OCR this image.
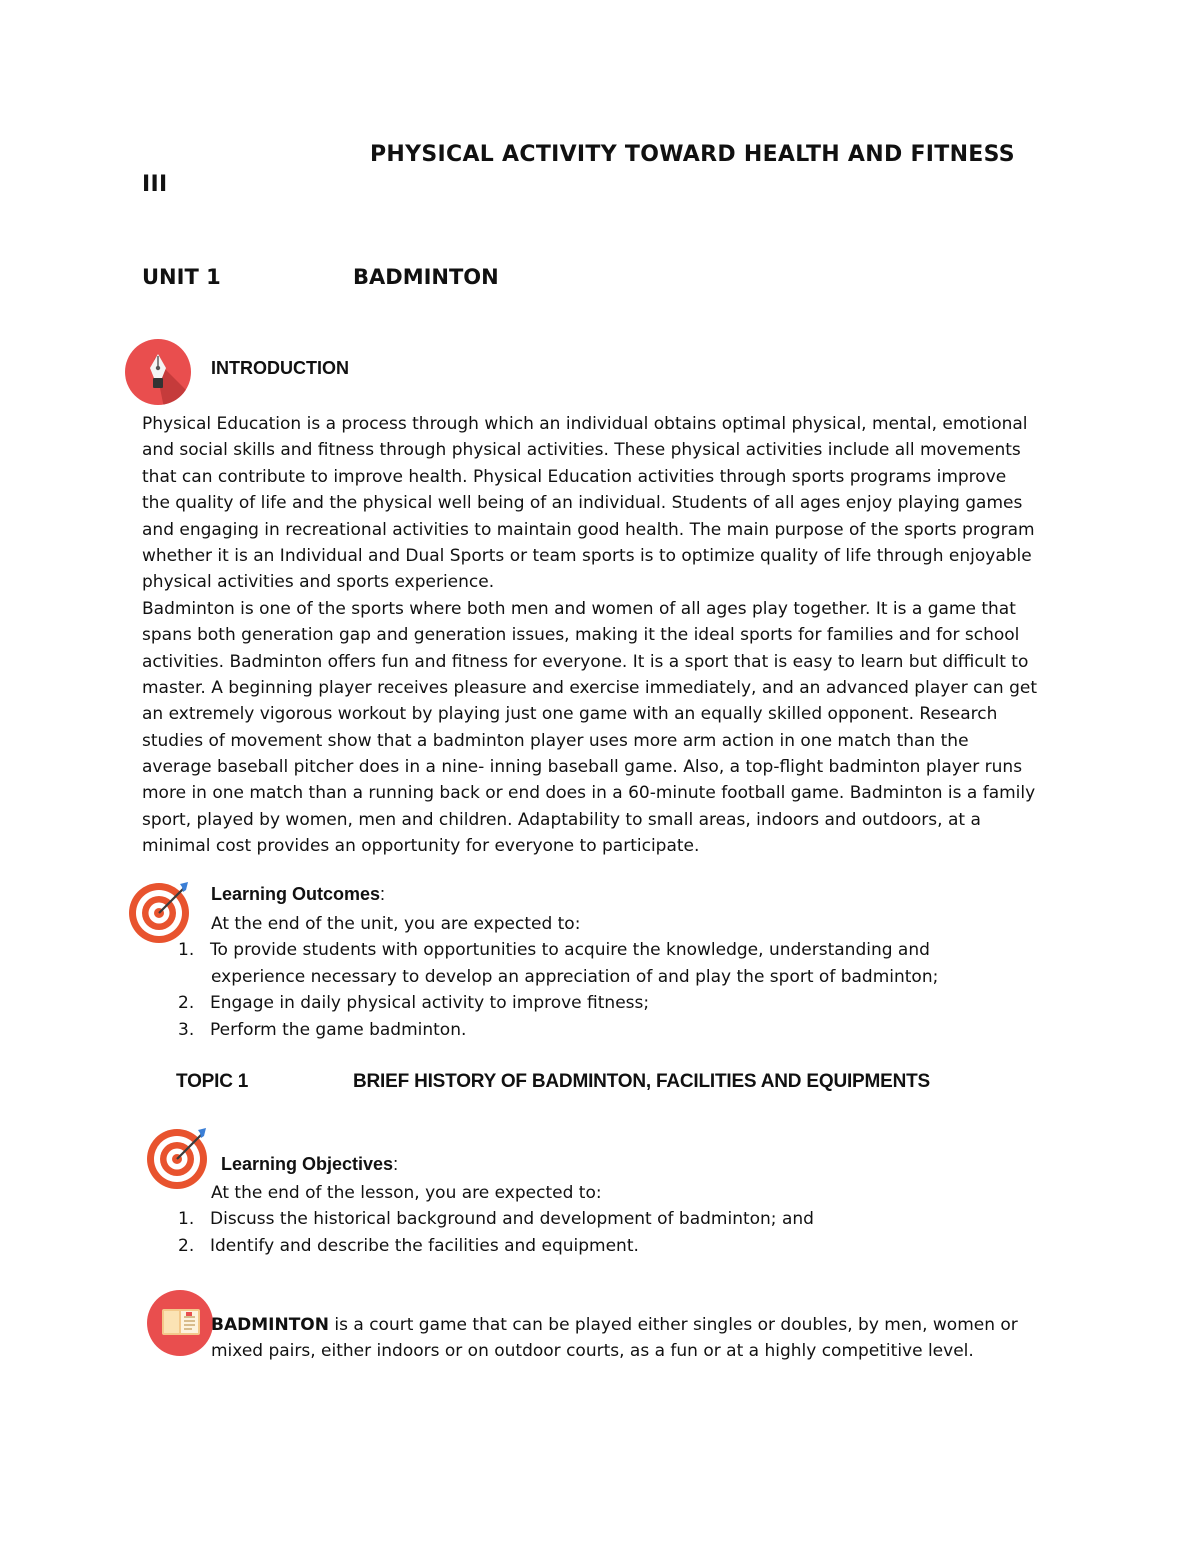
PHYSICAL ACTIVITY TOWARD HEALTH AND FITNESS
III
UNIT 1	BADMINTON
INTRODUCTION
Physical Education is a process through which an individual obtains optimal physical, mental, emotional
and social skills and fitness through physical activities. These physical activities include all movements
that can contribute to improve health. Physical Education activities through sports programs improve
the quality of life and the physical well being of an individual. Students of all ages enjoy playing games
and engaging in recreational activities to maintain good health. The main purpose of the sports program
whether it is an Individual and Dual Sports or team sports is to optimize quality of life through enjoyable
physical activities and sports experience.
Badminton is one of the sports where both men and women of all ages play together. It is a game that
spans both generation gap and generation issues, making it the ideal sports for families and for school
activities. Badminton offers fun and fitness for everyone. It is a sport that is easy to learn but difficult to
master. A beginning player receives pleasure and exercise immediately, and an advanced player can get
an extremely vigorous workout by playing just one game with an equally skilled opponent. Research
studies of movement show that a badminton player uses more arm action in one match than the
average baseball pitcher does in a nine- inning baseball game. Also, a top-flight badminton player runs
more in one match than a running back or end does in a 60-minute football game. Badminton is a family
sport, played by women, men and children. Adaptability to small areas, indoors and outdoors, at a
minimal cost provides an opportunity for everyone to participate.
Learning Outcomes:
At the end of the unit, you are expected to:
1. To provide students with opportunities to acquire the knowledge, understanding and
experience necessary to develop an appreciation of and play the sport of badminton;
2. Engage in daily physical activity to improve fitness;
3. Perform the game badminton.
TOPIC 1	BRIEF HISTORY OF BADMINTON, FACILITIES AND EQUIPMENTS
Learning Objectives:
At the end of the lesson, you are expected to:
1. Discuss the historical background and development of badminton; and
2. Identify and describe the facilities and equipment.
BADMINTON is a court game that can be played either singles or doubles, by men, women or
mixed pairs, either indoors or on outdoor courts, as a fun or at a highly competitive level.
